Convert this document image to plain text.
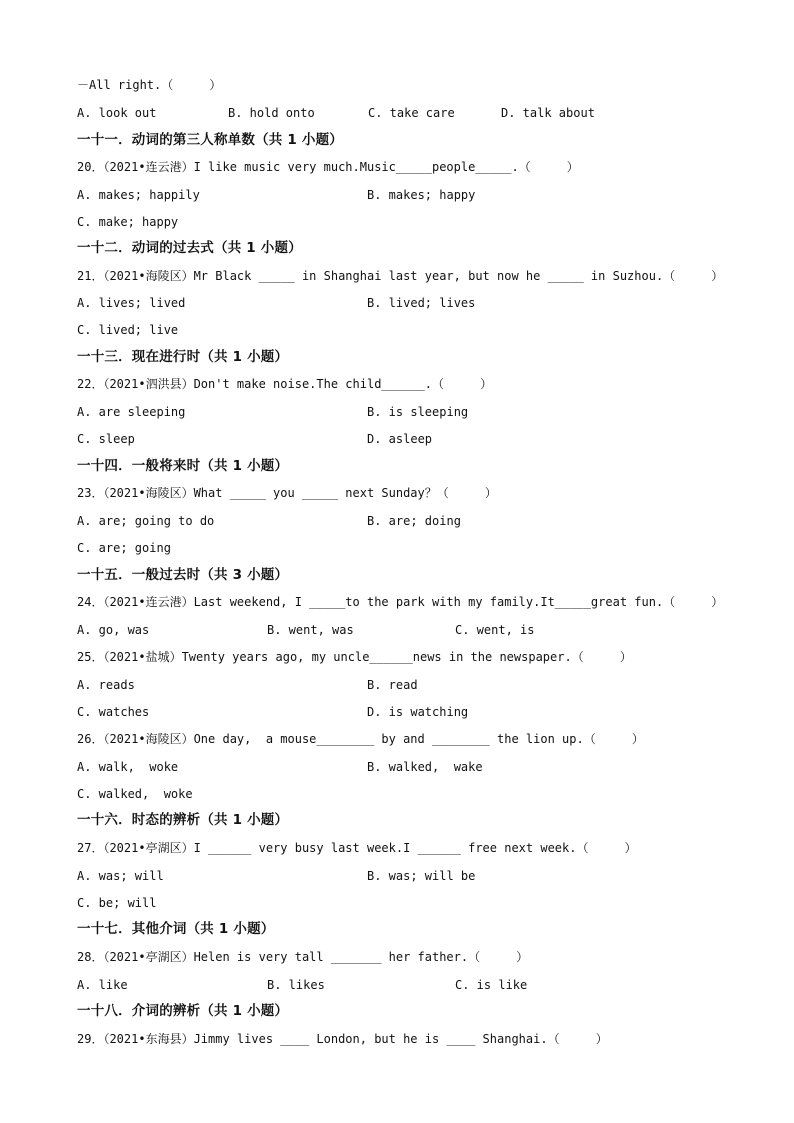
－All right.（     ）

A. look out

	B. hold onto

	C. take care

	D. talk about

一十一．动词的第三人称单数（共 1 小题）
20．（2021•连云港）I like music very much.Music_____people_____.（     ）

A. makes; happily

	B. makes; happy

C. make; happy

一十二．动词的过去式（共 1 小题）
21．（2021•海陵区）Mr Black _____ in Shanghai last year, but now he _____ in Suzhou.（     ）

A. lives; lived

	B. lived; lives

C. lived; live

一十三．现在进行时（共 1 小题）
22．（2021•泗洪县）Don't make noise.The child______.（     ）

A. are sleeping

	B. is sleeping

C. sleep

	D. asleep

一十四．一般将来时（共 1 小题）
23．（2021•海陵区）What _____ you _____ next Sunday？（     ）

A. are; going to do

	B. are; doing

C. are; going

一十五．一般过去时（共 3 小题）
24．（2021•连云港）Last weekend, I _____to the park with my family.It_____great fun.（     ）

A. go, was

	B. went, was

	C. went, is

25．（2021•盐城）Twenty years ago, my uncle______news in the newspaper.（     ）

A. reads

	B. read

C. watches

	D. is watching

26．（2021•海陵区）One day,  a mouse________ by and ________ the lion up.（     ）

A. walk,  woke

	B. walked,  wake

C. walked,  woke

一十六．时态的辨析（共 1 小题）
27．（2021•亭湖区）I ______ very busy last week.I ______ free next week.（     ）

A. was; will

	B. was; will be

C. be; will

一十七．其他介词（共 1 小题）
28．（2021•亭湖区）Helen is very tall _______ her father.（     ）

A. like

	B. likes

	C. is like

一十八．介词的辨析（共 1 小题）
29．（2021•东海县）Jimmy lives ____ London, but he is ____ Shanghai.（     ）
